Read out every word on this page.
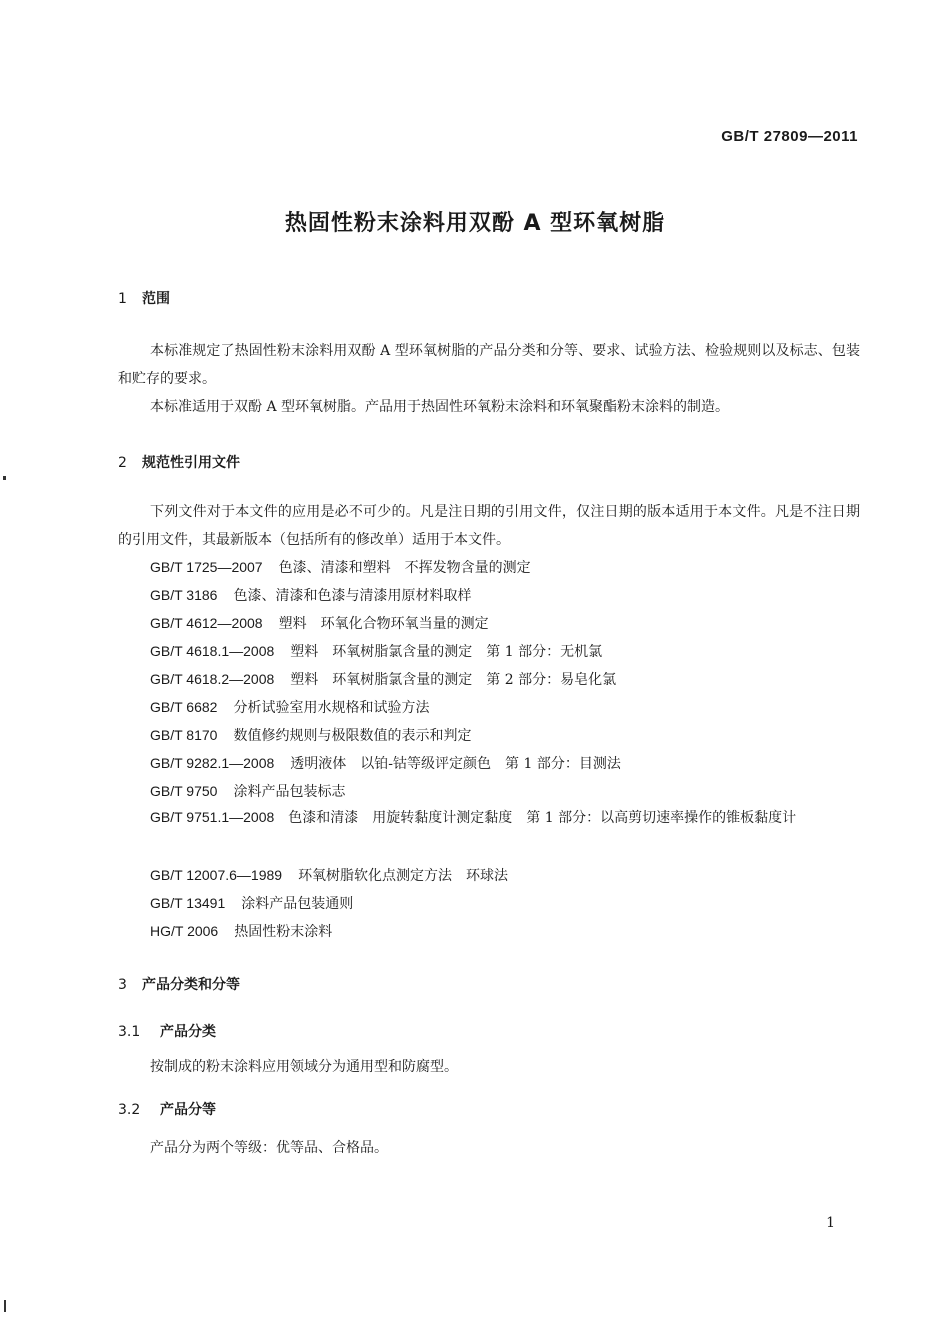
GB/T 27809—2011
热固性粉末涂料用双酚 A 型环氧树脂
1 范围
本标准规定了热固性粉末涂料用双酚 A 型环氧树脂的产品分类和分等、要求、试验方法、检验规则以及标志、包装和贮存的要求。
本标准适用于双酚 A 型环氧树脂。产品用于热固性环氧粉末涂料和环氧聚酯粉末涂料的制造。
2 规范性引用文件
下列文件对于本文件的应用是必不可少的。凡是注日期的引用文件，仅注日期的版本适用于本文件。凡是不注日期的引用文件，其最新版本（包括所有的修改单）适用于本文件。
GB/T 1725—2007 色漆、清漆和塑料　不挥发物含量的测定
GB/T 3186 色漆、清漆和色漆与清漆用原材料取样
GB/T 4612—2008 塑料　环氧化合物环氧当量的测定
GB/T 4618.1—2008 塑料　环氧树脂氯含量的测定　第 1 部分：无机氯
GB/T 4618.2—2008 塑料　环氧树脂氯含量的测定　第 2 部分：易皂化氯
GB/T 6682 分析试验室用水规格和试验方法
GB/T 8170 数值修约规则与极限数值的表示和判定
GB/T 9282.1—2008 透明液体　以铂-钴等级评定颜色　第 1 部分：目测法
GB/T 9750 涂料产品包装标志
GB/T 9751.1—2008　 色漆和清漆　用旋转黏度计测定黏度　第 1 部分：以高剪切速率操作的锥板黏度计
GB/T 12007.6—1989 环氧树脂软化点测定方法　环球法
GB/T 13491 涂料产品包装通则
HG/T 2006 热固性粉末涂料
3 产品分类和分等
3.1 产品分类
按制成的粉末涂料应用领域分为通用型和防腐型。
3.2 产品分等
产品分为两个等级：优等品、合格品。
1
